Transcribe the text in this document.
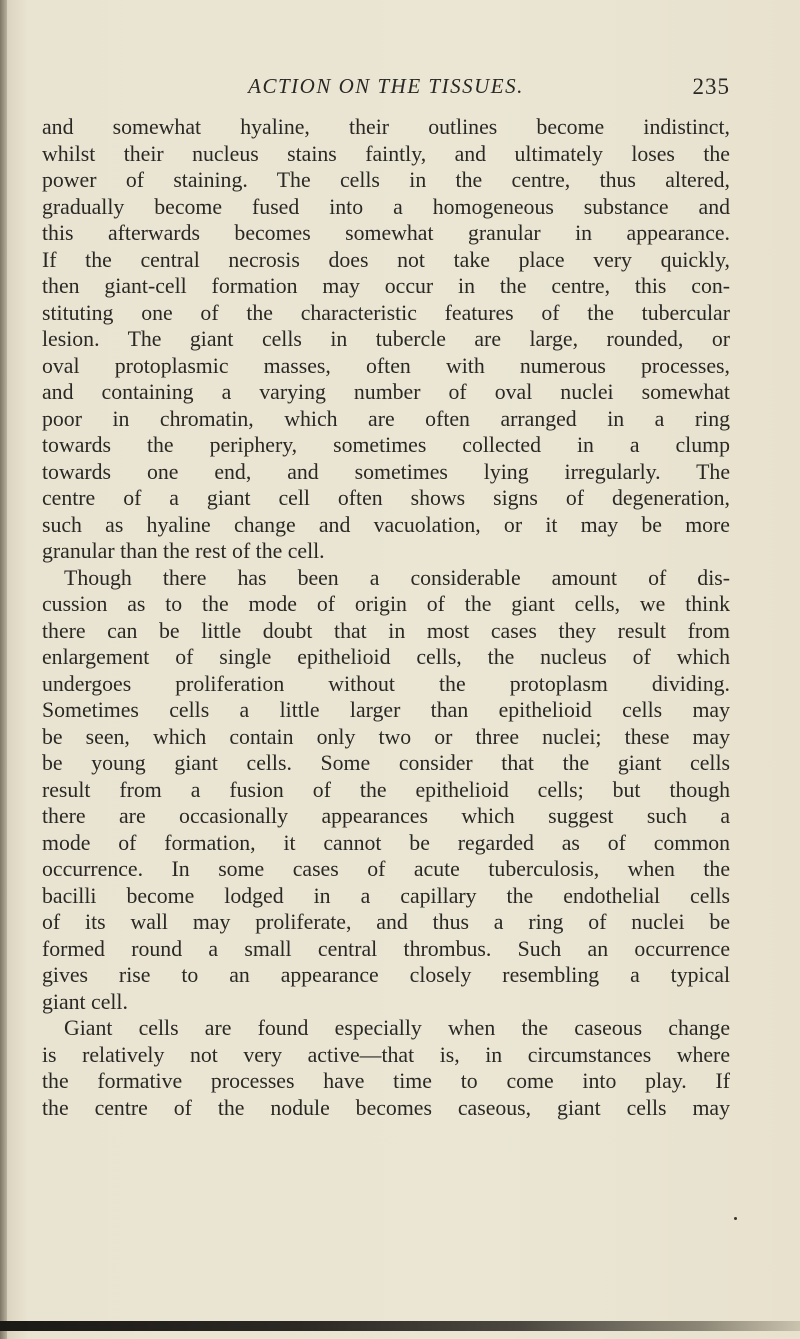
ACTION ON THE TISSUES.	235
and somewhat hyaline, their outlines become indistinct,
whilst their nucleus stains faintly, and ultimately loses the
power of staining. The cells in the centre, thus altered,
gradually become fused into a homogeneous substance and
this afterwards becomes somewhat granular in appearance.
If the central necrosis does not take place very quickly,
then giant-cell formation may occur in the centre, this con-
stituting one of the characteristic features of the tubercular
lesion. The giant cells in tubercle are large, rounded, or
oval protoplasmic masses, often with numerous processes,
and containing a varying number of oval nuclei somewhat
poor in chromatin, which are often arranged in a ring
towards the periphery, sometimes collected in a clump
towards one end, and sometimes lying irregularly. The
centre of a giant cell often shows signs of degeneration,
such as hyaline change and vacuolation, or it may be more
granular than the rest of the cell.
Though there has been a considerable amount of dis-
cussion as to the mode of origin of the giant cells, we think
there can be little doubt that in most cases they result from
enlargement of single epithelioid cells, the nucleus of which
undergoes proliferation without the protoplasm dividing.
Sometimes cells a little larger than epithelioid cells may
be seen, which contain only two or three nuclei; these may
be young giant cells. Some consider that the giant cells
result from a fusion of the epithelioid cells; but though
there are occasionally appearances which suggest such a
mode of formation, it cannot be regarded as of common
occurrence. In some cases of acute tuberculosis, when the
bacilli become lodged in a capillary the endothelial cells
of its wall may proliferate, and thus a ring of nuclei be
formed round a small central thrombus. Such an occurrence
gives rise to an appearance closely resembling a typical
giant cell.
Giant cells are found especially when the caseous change
is relatively not very active—that is, in circumstances where
the formative processes have time to come into play. If
the centre of the nodule becomes caseous, giant cells may
